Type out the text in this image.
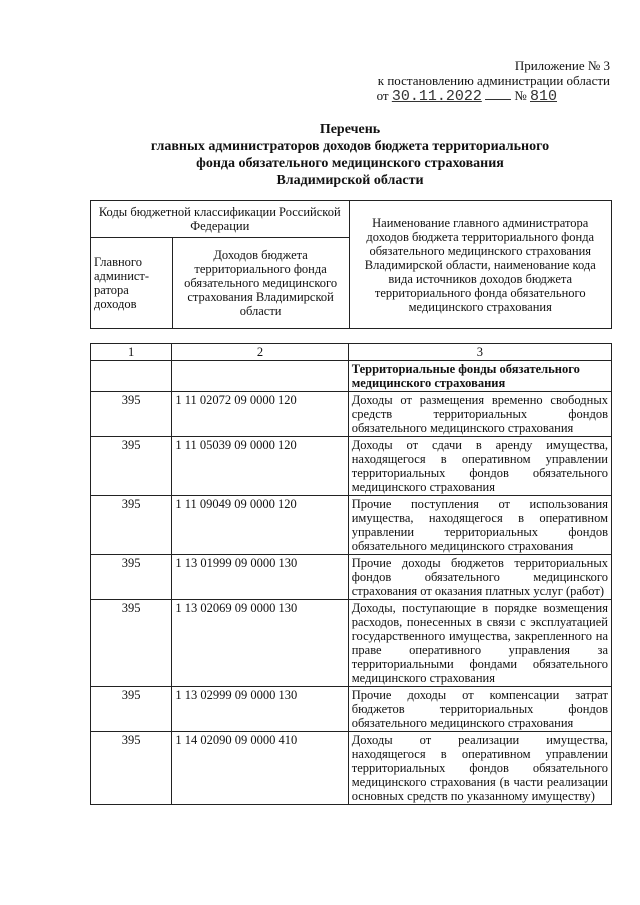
Приложение № 3
к постановлению администрации области
от 30.11.2022	№ 810
Перечень
главных администраторов доходов бюджета территориального
фонда обязательного медицинского страхования
Владимирской области
Коды бюджетной классификации Российской Федерации		Наименование главного администратора доходов бюджета территориального фонда обязательного медицинского страхования Владимирской области, наименование кода вида источников доходов бюджета территориального фонда обязательного медицинского страхования
Главного админист-ратора доходов	Доходов бюджета территориального фонда обязательного медицинского страхования Владимирской области	
1	2	3
		Территориальные фонды обязательного медицинского страхования
395	1 11 02072 09 0000 120	Доходы от размещения временно свободных средств территориальных фондов обязательного медицинского страхования
395	1 11 05039 09 0000 120	Доходы от сдачи в аренду имущества, находящегося в оперативном управлении территориальных фондов обязательного медицинского страхования
395	1 11 09049 09 0000 120	Прочие поступления от использования имущества, находящегося в оперативном управлении территориальных фондов обязательного медицинского страхования
395	1 13 01999 09 0000 130	Прочие доходы бюджетов территориальных фондов обязательного медицинского страхования от оказания платных услуг (работ)
395	1 13 02069 09 0000 130	Доходы, поступающие в порядке возмещения расходов, понесенных в связи с эксплуатацией государственного имущества, закрепленного на праве оперативного управления за территориальными фондами обязательного медицинского страхования
395	1 13 02999 09 0000 130	Прочие доходы от компенсации затрат бюджетов территориальных фондов обязательного медицинского страхования
395	1 14 02090 09 0000 410	Доходы от реализации имущества, находящегося в оперативном управлении территориальных фондов обязательного медицинского страхования (в части реализации основных средств по указанному имуществу)
